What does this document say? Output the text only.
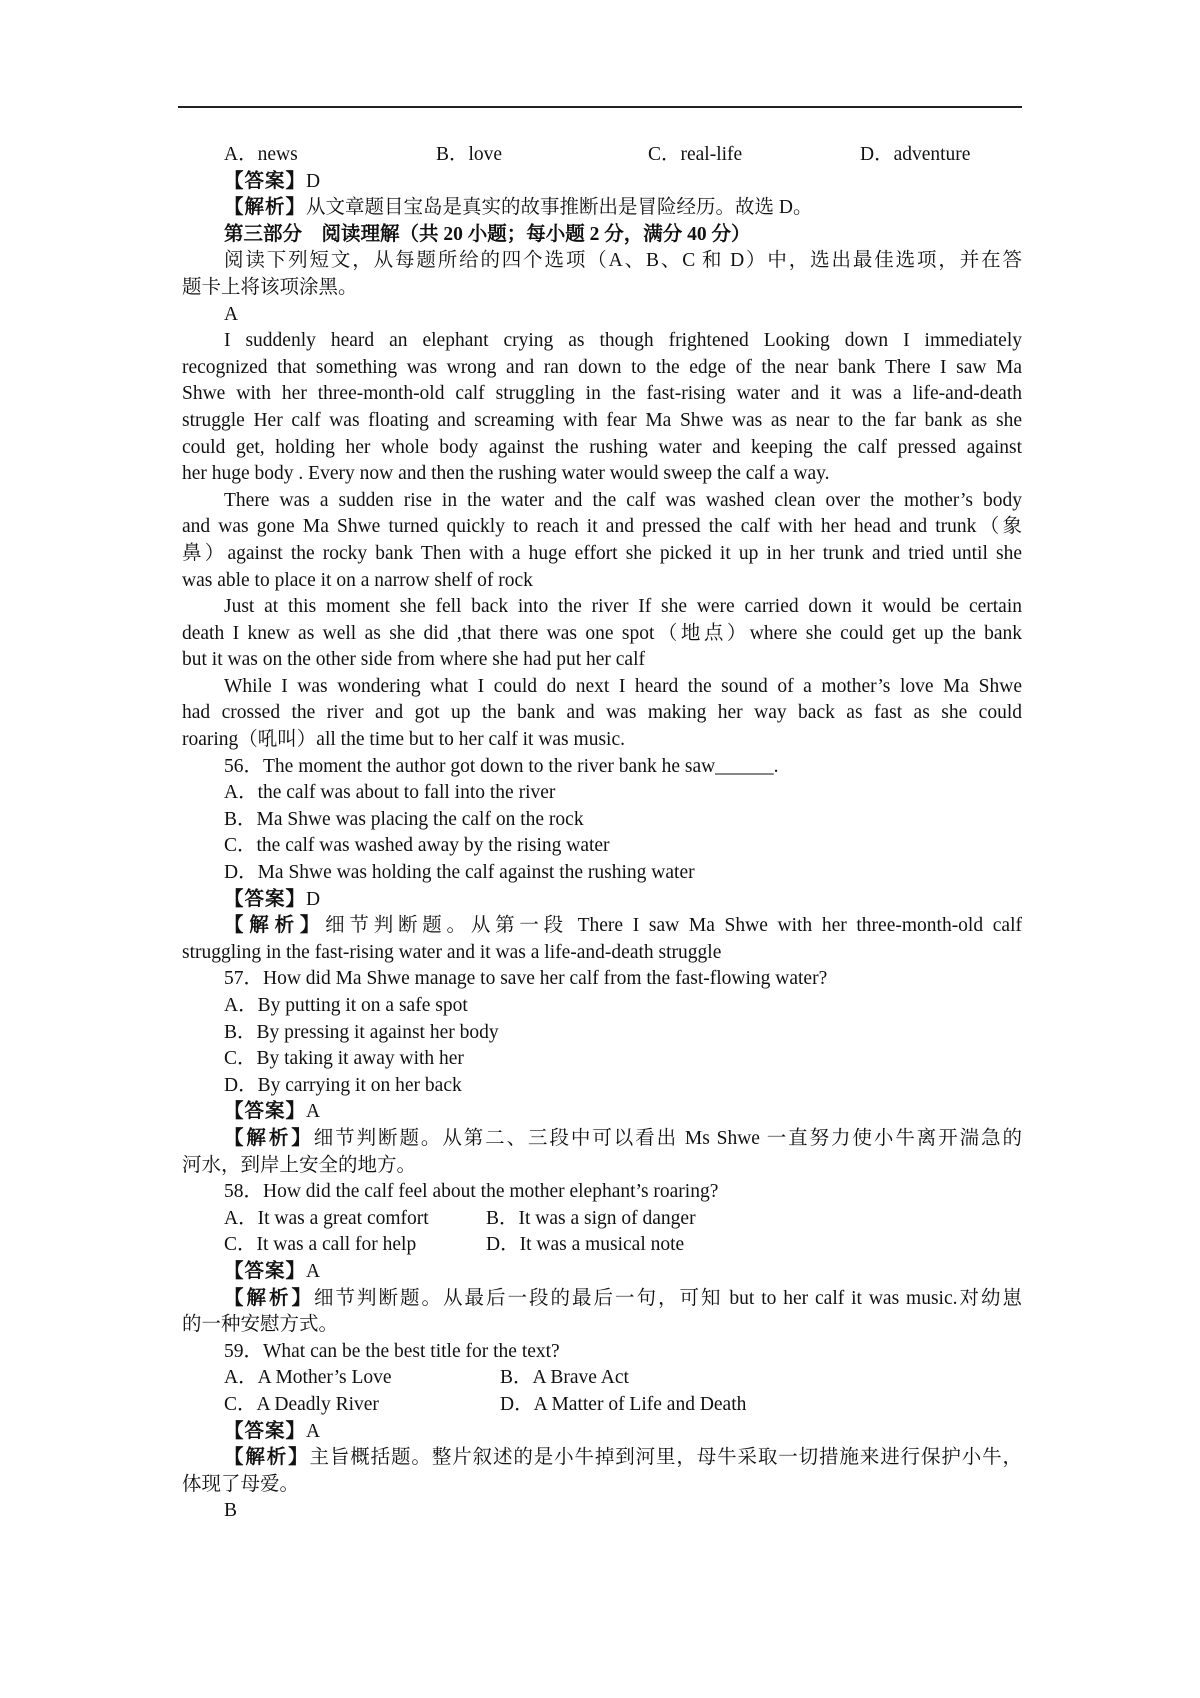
A．news	B．love	C．real-life	D．adventure
【答案】D
【解析】从文章题目宝岛是真实的故事推断出是冒险经历。故选 D。
第三部分　阅读理解（共 20 小题；每小题 2 分，满分 40 分）
阅读下列短文，从每题所给的四个选项（A、B、C 和 D）中，选出最佳选项，并在答
题卡上将该项涂黑。
A
I suddenly heard an elephant crying as though frightened Looking down I immediately
recognized that something was wrong and ran down to the edge of the near bank There I saw Ma
Shwe with her three-month-old calf struggling in the fast-rising water and it was a life-and-death
struggle Her calf was floating and screaming with fear Ma Shwe was as near to the far bank as she
could get, holding her whole body against the rushing water and keeping the calf pressed against
her huge body . Every now and then the rushing water would sweep the calf a way.
There was a sudden rise in the water and the calf was washed clean over the mother’s body
and was gone Ma Shwe turned quickly to reach it and pressed the calf with her head and trunk（象
鼻）against the rocky bank Then with a huge effort she picked it up in her trunk and tried until she
was able to place it on a narrow shelf of rock
Just at this moment she fell back into the river If she were carried down it would be certain
death I knew as well as she did ,that there was one spot（地点）where she could get up the bank
but it was on the other side from where she had put her calf
While I was wondering what I could do next I heard the sound of a mother’s love Ma Shwe
had crossed the river and got up the bank and was making her way back as fast as she could
roaring（吼叫）all the time but to her calf it was music.
56．The moment the author got down to the river bank he saw______.
A．the calf was about to fall into the river
B．Ma Shwe was placing the calf on the rock
C．the calf was washed away by the rising water
D．Ma Shwe was holding the calf against the rushing water
【答案】D
【解析】细节判断题。从第一段 There I saw Ma Shwe with her three-month-old calf
struggling in the fast-rising water and it was a life-and-death struggle
57．How did Ma Shwe manage to save her calf from the fast-flowing water?
A．By putting it on a safe spot
B．By pressing it against her body
C．By taking it away with her
D．By carrying it on her back
【答案】A
【解析】细节判断题。从第二、三段中可以看出 Ms Shwe 一直努力使小牛离开湍急的
河水，到岸上安全的地方。
58．How did the calf feel about the mother elephant’s roaring?
A．It was a great comfort	B．It was a sign of danger
C．It was a call for help	D．It was a musical note
【答案】A
【解析】细节判断题。从最后一段的最后一句，可知 but to her calf it was music.对幼崽
的一种安慰方式。
59．What can be the best title for the text?
A．A Mother’s Love	B．A Brave Act
C．A Deadly River	D．A Matter of Life and Death
【答案】A
【解析】主旨概括题。整片叙述的是小牛掉到河里，母牛采取一切措施来进行保护小牛，
体现了母爱。
B
